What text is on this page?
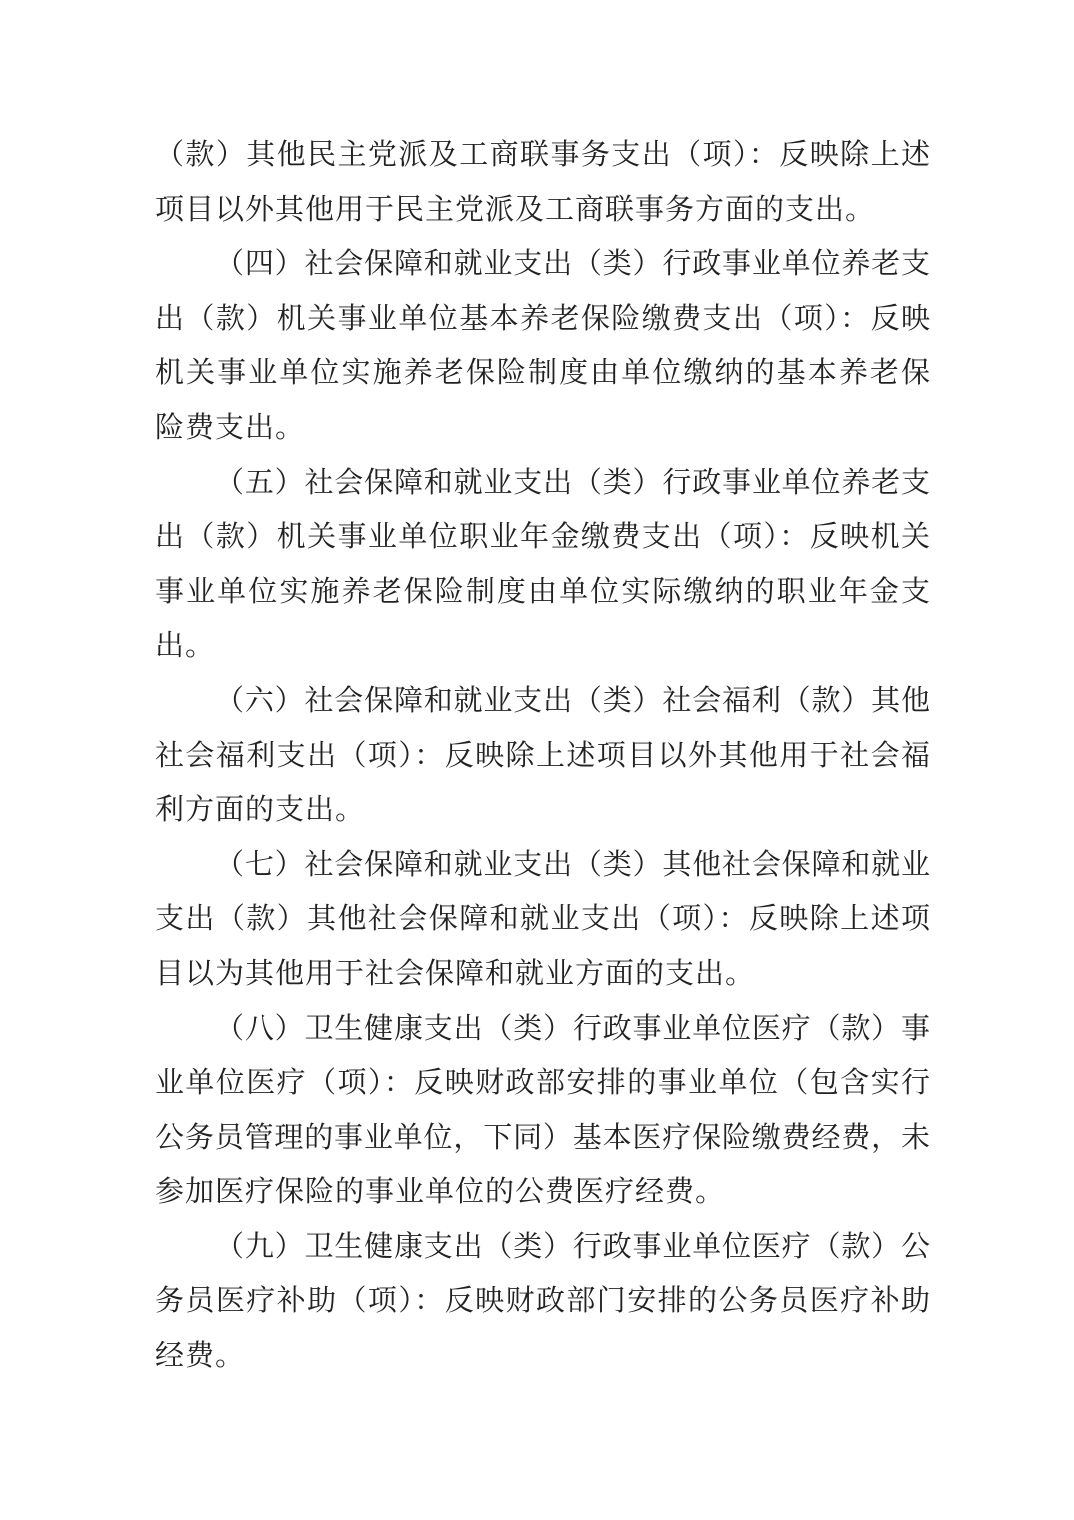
（款）其他民主党派及工商联事务支出（项）：反映除上述
项目以外其他用于民主党派及工商联事务方面的支出。
（四）社会保障和就业支出（类）行政事业单位养老支
出（款）机关事业单位基本养老保险缴费支出（项）：反映
机关事业单位实施养老保险制度由单位缴纳的基本养老保
险费支出。
（五）社会保障和就业支出（类）行政事业单位养老支
出（款）机关事业单位职业年金缴费支出（项）：反映机关
事业单位实施养老保险制度由单位实际缴纳的职业年金支
出。
（六）社会保障和就业支出（类）社会福利（款）其他
社会福利支出（项）：反映除上述项目以外其他用于社会福
利方面的支出。
（七）社会保障和就业支出（类）其他社会保障和就业
支出（款）其他社会保障和就业支出（项）：反映除上述项
目以为其他用于社会保障和就业方面的支出。
（八）卫生健康支出（类）行政事业单位医疗（款）事
业单位医疗（项）：反映财政部安排的事业单位（包含实行
公务员管理的事业单位，下同）基本医疗保险缴费经费，未
参加医疗保险的事业单位的公费医疗经费。
（九）卫生健康支出（类）行政事业单位医疗（款）公
务员医疗补助（项）：反映财政部门安排的公务员医疗补助
经费。
